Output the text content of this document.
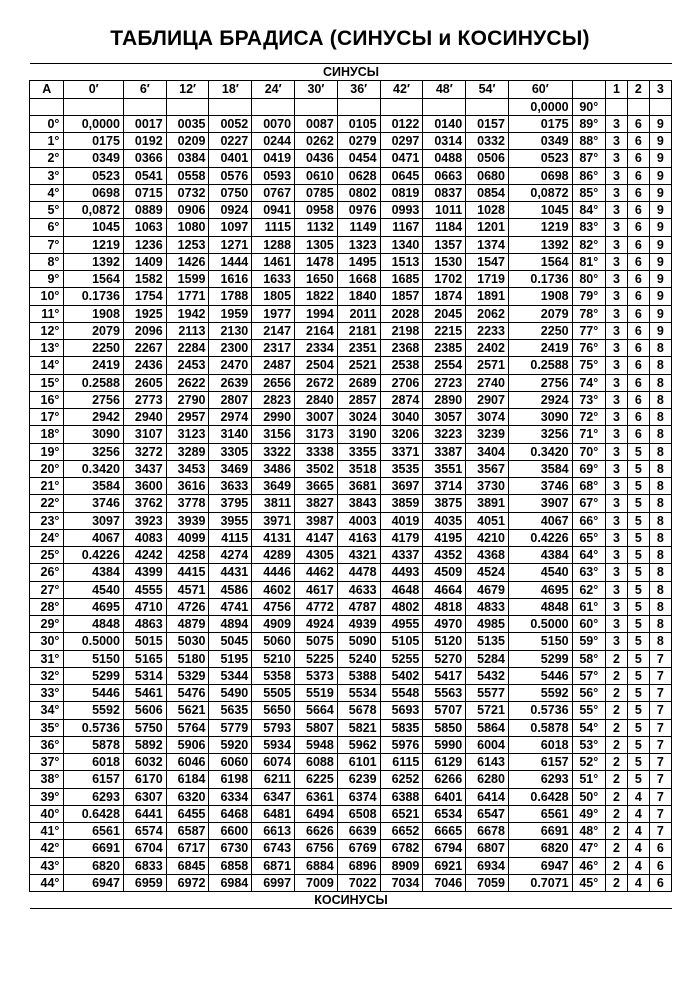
ТАБЛИЦА БРАДИСА (СИНУСЫ и КОСИНУСЫ)
СИНУСЫ															
A	0′	6′	12′	18′	24′	30′	36′	42′	48′	54′	60′		1	2	3
											0,0000	90°			
0°	0,0000	0017	0035	0052	0070	0087	0105	0122	0140	0157	0175	89°	3	6	9
1°	0175	0192	0209	0227	0244	0262	0279	0297	0314	0332	0349	88°	3	6	9
2°	0349	0366	0384	0401	0419	0436	0454	0471	0488	0506	0523	87°	3	6	9
3°	0523	0541	0558	0576	0593	0610	0628	0645	0663	0680	0698	86°	3	6	9
4°	0698	0715	0732	0750	0767	0785	0802	0819	0837	0854	0,0872	85°	3	6	9
5°	0,0872	0889	0906	0924	0941	0958	0976	0993	1011	1028	1045	84°	3	6	9
6°	1045	1063	1080	1097	1115	1132	1149	1167	1184	1201	1219	83°	3	6	9
7°	1219	1236	1253	1271	1288	1305	1323	1340	1357	1374	1392	82°	3	6	9
8°	1392	1409	1426	1444	1461	1478	1495	1513	1530	1547	1564	81°	3	6	9
9°	1564	1582	1599	1616	1633	1650	1668	1685	1702	1719	0.1736	80°	3	6	9
10°	0.1736	1754	1771	1788	1805	1822	1840	1857	1874	1891	1908	79°	3	6	9
11°	1908	1925	1942	1959	1977	1994	2011	2028	2045	2062	2079	78°	3	6	9
12°	2079	2096	2113	2130	2147	2164	2181	2198	2215	2233	2250	77°	3	6	9
13°	2250	2267	2284	2300	2317	2334	2351	2368	2385	2402	2419	76°	3	6	8
14°	2419	2436	2453	2470	2487	2504	2521	2538	2554	2571	0.2588	75°	3	6	8
15°	0.2588	2605	2622	2639	2656	2672	2689	2706	2723	2740	2756	74°	3	6	8
16°	2756	2773	2790	2807	2823	2840	2857	2874	2890	2907	2924	73°	3	6	8
17°	2942	2940	2957	2974	2990	3007	3024	3040	3057	3074	3090	72°	3	6	8
18°	3090	3107	3123	3140	3156	3173	3190	3206	3223	3239	3256	71°	3	6	8
19°	3256	3272	3289	3305	3322	3338	3355	3371	3387	3404	0.3420	70°	3	5	8
20°	0.3420	3437	3453	3469	3486	3502	3518	3535	3551	3567	3584	69°	3	5	8
21°	3584	3600	3616	3633	3649	3665	3681	3697	3714	3730	3746	68°	3	5	8
22°	3746	3762	3778	3795	3811	3827	3843	3859	3875	3891	3907	67°	3	5	8
23°	3097	3923	3939	3955	3971	3987	4003	4019	4035	4051	4067	66°	3	5	8
24°	4067	4083	4099	4115	4131	4147	4163	4179	4195	4210	0.4226	65°	3	5	8
25°	0.4226	4242	4258	4274	4289	4305	4321	4337	4352	4368	4384	64°	3	5	8
26°	4384	4399	4415	4431	4446	4462	4478	4493	4509	4524	4540	63°	3	5	8
27°	4540	4555	4571	4586	4602	4617	4633	4648	4664	4679	4695	62°	3	5	8
28°	4695	4710	4726	4741	4756	4772	4787	4802	4818	4833	4848	61°	3	5	8
29°	4848	4863	4879	4894	4909	4924	4939	4955	4970	4985	0.5000	60°	3	5	8
30°	0.5000	5015	5030	5045	5060	5075	5090	5105	5120	5135	5150	59°	3	5	8
31°	5150	5165	5180	5195	5210	5225	5240	5255	5270	5284	5299	58°	2	5	7
32°	5299	5314	5329	5344	5358	5373	5388	5402	5417	5432	5446	57°	2	5	7
33°	5446	5461	5476	5490	5505	5519	5534	5548	5563	5577	5592	56°	2	5	7
34°	5592	5606	5621	5635	5650	5664	5678	5693	5707	5721	0.5736	55°	2	5	7
35°	0.5736	5750	5764	5779	5793	5807	5821	5835	5850	5864	0.5878	54°	2	5	7
36°	5878	5892	5906	5920	5934	5948	5962	5976	5990	6004	6018	53°	2	5	7
37°	6018	6032	6046	6060	6074	6088	6101	6115	6129	6143	6157	52°	2	5	7
38°	6157	6170	6184	6198	6211	6225	6239	6252	6266	6280	6293	51°	2	5	7
39°	6293	6307	6320	6334	6347	6361	6374	6388	6401	6414	0.6428	50°	2	4	7
40°	0.6428	6441	6455	6468	6481	6494	6508	6521	6534	6547	6561	49°	2	4	7
41°	6561	6574	6587	6600	6613	6626	6639	6652	6665	6678	6691	48°	2	4	7
42°	6691	6704	6717	6730	6743	6756	6769	6782	6794	6807	6820	47°	2	4	6
43°	6820	6833	6845	6858	6871	6884	6896	8909	6921	6934	6947	46°	2	4	6
44°	6947	6959	6972	6984	6997	7009	7022	7034	7046	7059	0.7071	45°	2	4	6
КОСИНУСЫ															
